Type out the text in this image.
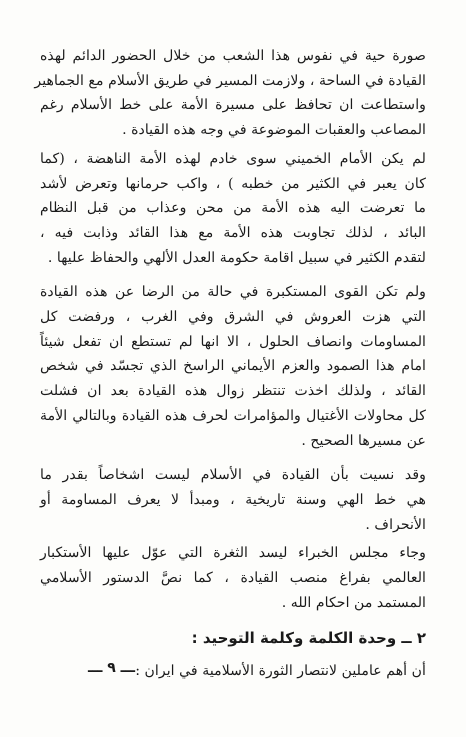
صورة حية في نفوس هذا الشعب من خلال الحضور الدائم لهذه
القيادة في الساحة ، ولازمت المسير في طريق الأسلام مع الجماهير
واستطاعت ان تحافظ على مسيرة الأمة على خط الأسلام رغم
المصاعب والعقبات الموضوعة في وجه هذه القيادة .
لم يكن الأمام الخميني سوى خادم لهذه الأمة الناهضة ، (كما
كان يعبر في الكثير من خطبه ) ، واكب حرمانها وتعرض لأشد
ما تعرضت اليه هذه الأمة من محن وعذاب من قبل النظام
البائد ، لذلك تجاوبت هذه الأمة مع هذا القائد وذابت فيه ،
لتقدم الكثير في سبيل اقامة حكومة العدل الألهي والحفاظ عليها .
ولم تكن القوى المستكبرة في حالة من الرضا عن هذه القيادة
التي هزت العروش في الشرق وفي الغرب ، ورفضت كل
المساومات وانصاف الحلول ، الا انها لم تستطع ان تفعل شيئاً
امام هذا الصمود والعزم الأيماني الراسخ الذي تجسّد في شخص
القائد ، ولذلك اخذت تنتظر زوال هذه القيادة بعد ان فشلت
كل محاولات الأغتيال والمؤامرات لحرف هذه القيادة وبالتالي الأمة
عن مسيرها الصحيح .
وقد نسيت بأن القيادة في الأسلام ليست اشخاصاً بقدر ما
هي خط الهي وسنة تاريخية ، ومبدأ لا يعرف المساومة أو
الأنحراف .
وجاء مجلس الخبراء ليسد الثغرة التي عوّل عليها الأستكبار
العالمي بفراغ منصب القيادة ، كما نصَّ الدستور الأسلامي
المستمد من احكام الله .
٢ ــ وحدة الكلمة وكلمة التوحيد :
أن أهم عاملين لانتصار الثورة الأسلامية في ايران :
ـــ ٩ ـــ
